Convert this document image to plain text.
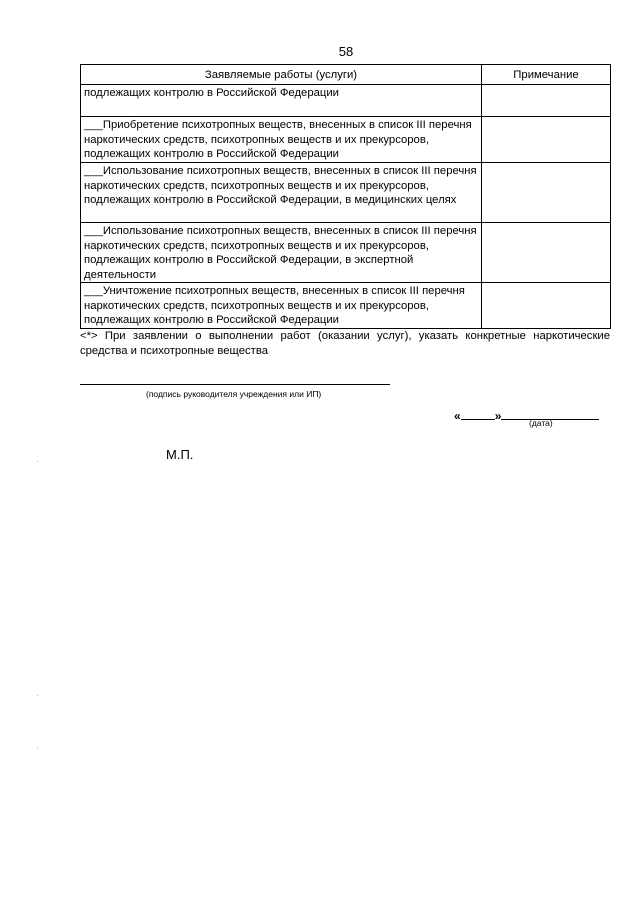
58
Заявляемые работы (услуги)	Примечание
подлежащих контролю в Российской Федерации	
___Приобретение психотропных веществ, внесенных в список III перечня наркотических средств, психотропных веществ и их прекурсоров, подлежащих контролю в Российской Федерации	
___Использование психотропных веществ, внесенных в список III перечня наркотических средств, психотропных веществ и их прекурсоров, подлежащих контролю в Российской Федерации, в медицинских целях	
___Использование психотропных веществ, внесенных в список III перечня наркотических средств, психотропных веществ и их прекурсоров, подлежащих контролю в Российской Федерации, в экспертной деятельности	
___Уничтожение психотропных веществ, внесенных в список III перечня наркотических средств, психотропных веществ и их прекурсоров, подлежащих контролю в Российской Федерации	
<*> При заявлении о выполнении работ (оказании услуг), указать конкретные наркотические средства и психотропные вещества
(подпись руководителя учреждения или ИП)
«	»	(дата)
М.П.
